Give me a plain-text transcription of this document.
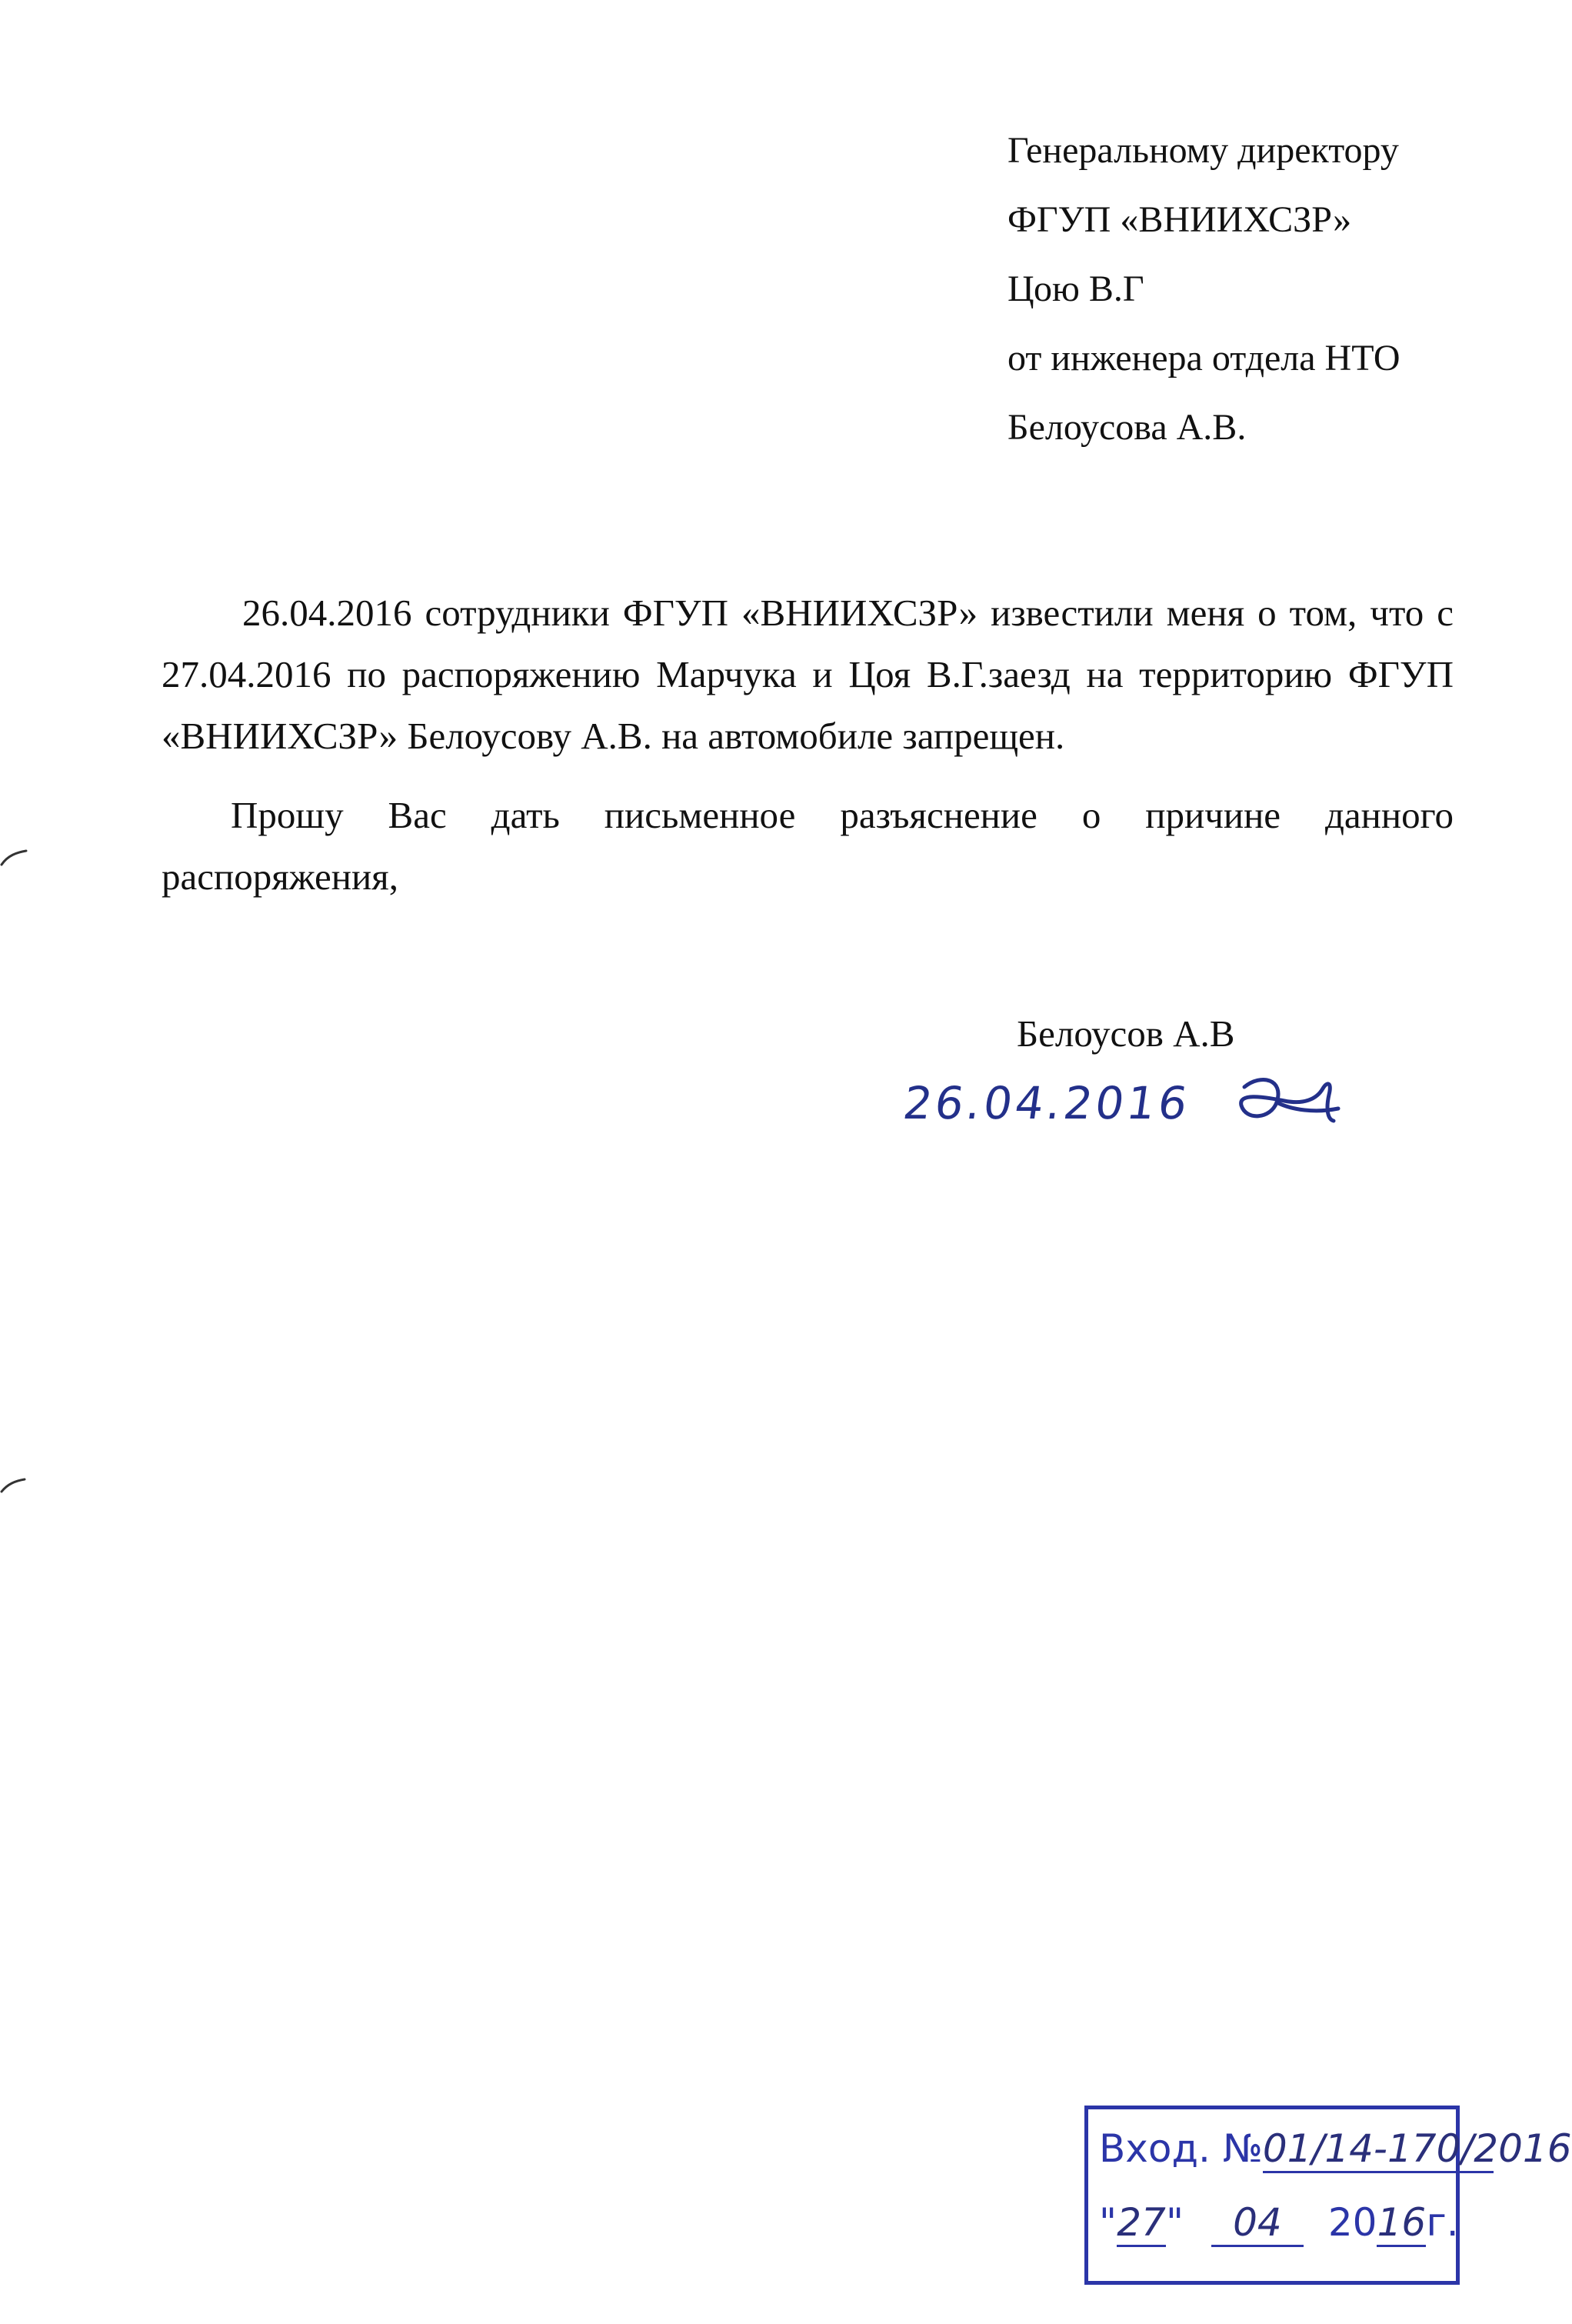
Генеральному директору
ФГУП «ВНИИХСЗР»
Цою В.Г
от инженера отдела НТО
Белоусова А.В.
26.04.2016 сотрудники ФГУП «ВНИИХСЗР» известили меня о том, что с
27.04.2016 по распоряжению Марчука и Цоя В.Г.заезд на территорию ФГУП
«ВНИИХСЗР» Белоусову А.В. на автомобиле запрещен.
Прошу Вас дать письменное разъяснение о причине данного
распоряжения,
Белоусов А.В
26.04.2016
Вход. №01/14-170/2016
"27" 04 2016г.
